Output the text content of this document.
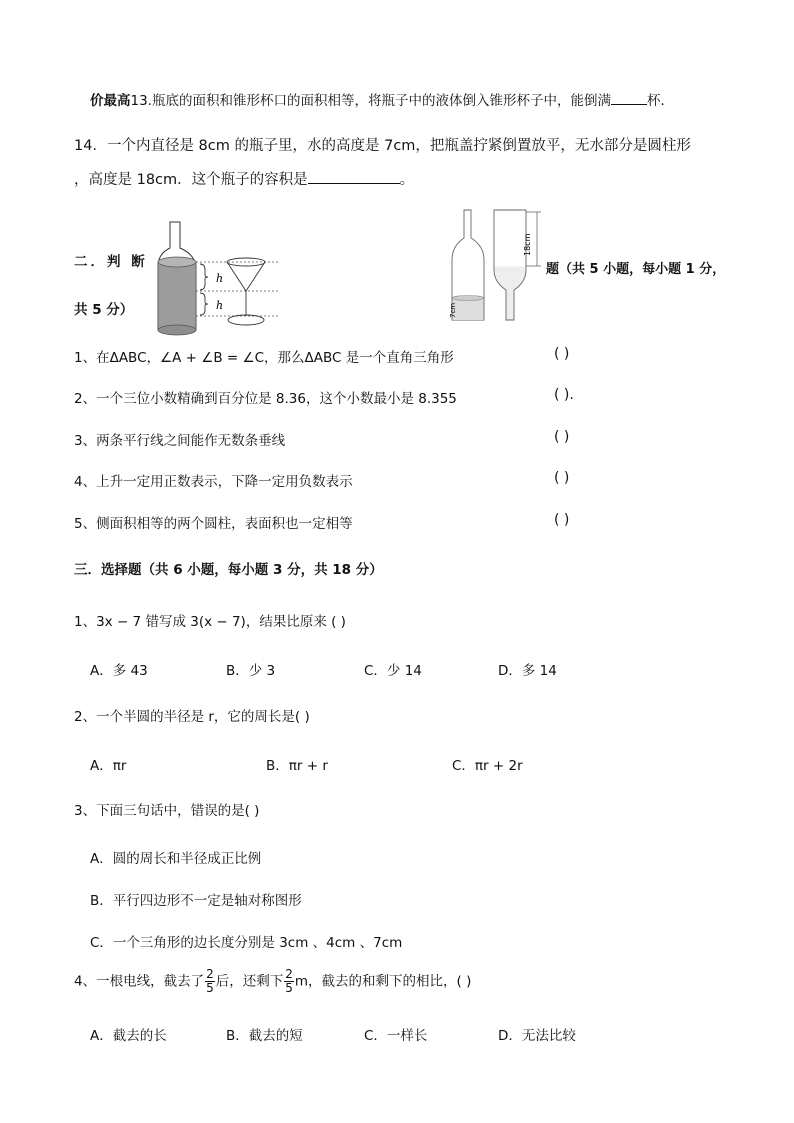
价最高13.瓶底的面积和锥形杯口的面积相等，将瓶子中的液体倒入锥形杯子中，能倒满	杯．
14．一个内直径是 8cm 的瓶子里，水的高度是 7cm，把瓶盖拧紧倒置放平，无水部分是圆柱形
，高度是 18cm．这个瓶子的容积是	。
二．判 断	题（共 5 小题，每小题 1 分，
共 5 分）
h
h	7cm
18cm
1、在ΔABC，∠A + ∠B = ∠C，那么ΔABC 是一个直角三角形	( )
2、一个三位小数精确到百分位是 8.36，这个小数最小是 8.355	( ).
3、两条平行线之间能作无数条垂线	( )
4、上升一定用正数表示，下降一定用负数表示	( )
5、侧面积相等的两个圆柱，表面积也一定相等	( )
三．选择题（共 6 小题，每小题 3 分，共 18 分）
1、3x − 7 错写成 3(x − 7)，结果比原来 ( )
A．多 43	B．少 3	C．少 14	D．多 14
2、一个半圆的半径是 r，它的周长是( )
A．πr	B．πr + r	C．πr + 2r
3、下面三句话中，错误的是( )
A．圆的周长和半径成正比例
B．平行四边形不一定是轴对称图形
C．一个三角形的边长度分别是 3cm 、4cm 、7cm
4、一根电线，截去了 $\frac{2}{5}$ 后，还剩下 $\frac{2}{5}$ m，截去的和剩下的相比，( )
A．截去的长	B．截去的短	C．一样长	D．无法比较
